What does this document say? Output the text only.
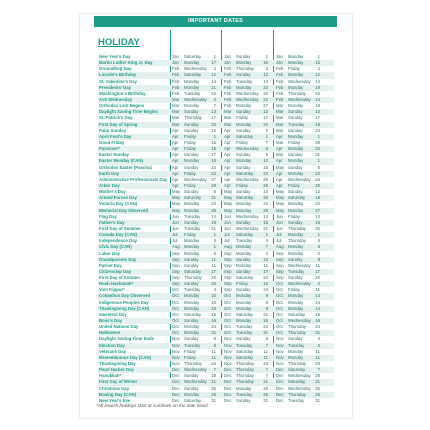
IMPORTANT DATES
HOLIDAY
New Year's Day	Jan	Saturday	1 Jan	Sunday	1 Jan	Monday	1
Martin Luther King Jr. Day	Jan	Monday	17 Jan	Monday	16 Jan	Monday	15
Groundhog Day	Feb	Wednesday	2 Feb	Thursday	2 Feb	Friday	2
Lincoln's Birthday	Feb	Saturday	12 Feb	Sunday	12 Feb	Monday	12
St. Valentine's Day	Feb	Monday	14 Feb	Tuesday	14 Feb	Wednesday	14
Presidents' Day	Feb	Monday	21 Feb	Monday	20 Feb	Monday	19
Washington's Birthday	Feb	Tuesday	22 Feb	Wednesday	22 Feb	Thursday	22
Ash Wednesday	Mar	Wednesday	2 Feb	Wednesday	22 Feb	Wednesday	14
Orthodox Lent Begins	Mar	Monday	7 Feb	Monday	27 Mar	Monday	18
Daylight Saving Time Begins	Mar	Sunday	13 Mar	Sunday	12 Mar	Sunday	10
St. Patrick's Day	Mar	Thursday	17 Mar	Friday	17 Mar	Sunday	17
First Day of Spring	Mar	Sunday	20 Mar	Monday	20 Mar	Tuesday	19
Palm Sunday	Apr	Sunday	10 Apr	Sunday	2 Mar	Sunday	24
April Fool's Day	Apr	Friday	1 Apr	Saturday	1 Apr	Monday	1
Good Friday	Apr	Friday	15 Apr	Friday	7 Mar	Friday	29
Passover*	Apr	Friday	15 Apr	Wednesday	5 Apr	Monday	22
Easter Sunday	Apr	Sunday	17 Apr	Sunday	9 Mar	Sunday	31
Easter Monday (CAN)	Apr	Monday	18 Apr	Monday	10 Apr	Monday	1
Orthodox Easter (Pascha)	Apr	Sunday	24 Apr	Sunday	16 May Sunday	5
Earth Day	Apr	Friday	22 Apr	Saturday	22 Apr	Monday	22
Administrative Professionals Day Apr	Wednesday	27 Apr	Wednesday	26 Apr	Wednesday	24
Arbor Day	Apr	Friday	29 Apr	Friday	28 Apr	Friday	26
Mother's Day	May Sunday	8 May Sunday	14 May Sunday	12
Armed Forces Day	May Saturday	21 May Saturday	20 May Saturday	18
Victoria Day (CAN)	May Monday	23 May Monday	22 May Monday	20
Memorial Day Observed	May Monday	30 May Monday	29 May Monday	27
Flag Day	Jun	Tuesday	14 Jun	Wednesday	14 Jun	Friday	14
Father's Day	Jun	Sunday	19 Jun	Sunday	18 Jun	Sunday	16
First Day of Summer	Jun	Tuesday	21 Jun	Wednesday	21 Jun	Thursday	20
Canada Day (CAN)	Jul	Friday	1 Jul	Saturday	1 Jul	Monday	1
Independence Day	Jul	Monday	4 Jul	Tuesday	4 Jul	Thursday	4
Civic Day (CAN)	Aug	Monday	1 Aug	Monday	7 Aug	Monday	5
Labor Day	Sep	Monday	5 Sep	Monday	4 Sep	Monday	2
Grandparents Day	Sep	Sunday	11 Sep	Sunday	10 Sep	Sunday	8
Patriot Day	Sep	Sunday	11 Sep	Monday	11 Sep	Wednesday	11
Citizenship Day	Sep	Saturday	17 Sep	Sunday	17 Sep	Tuesday	17
First Day of Autumn	Sep	Thursday	22 Sep	Saturday	23 Sep	Sunday	22
Rosh Hashanah*	Sep	Sunday	25 Sep	Friday	15 Oct	Wednesday	2
Yom Kippur*	Oct	Tuesday	4 Sep	Sunday	24 Oct	Friday	11
Columbus Day Observed	Oct	Monday	10 Oct	Monday	9 Oct	Monday	14
Indigenous Peoples Day	Oct	Monday	10 Oct	Monday	9 Oct	Monday	14
Thanksgiving Day (CAN)	Oct	Monday	10 Oct	Monday	9 Oct	Monday	14
Sweetest Day	Oct	Saturday	15 Oct	Saturday	21 Oct	Saturday	19
Boss's Day	Oct	Sunday	16 Oct	Monday	16 Oct	Wednesday	16
United Nations Day	Oct	Monday	24 Oct	Tuesday	24 Oct	Thursday	24
Halloween	Oct	Monday	31 Oct	Tuesday	31 Oct	Thursday	31
Daylight Saving Time Ends	Nov	Sunday	6 Nov	Sunday	5 Nov	Sunday	3
Election Day	Nov	Tuesday	8 Nov	Tuesday	7 Nov	Tuesday	5
Veterans Day	Nov	Friday	11 Nov	Saturday	11 Nov	Monday	11
Remembrance Day (CAN)	Nov	Friday	11 Nov	Saturday	11 Nov	Monday	11
Thanksgiving Day	Nov	Thursday	24 Nov	Thursday	23 Nov	Thursday	28
Pearl Harbor Day	Dec	Wednesday	7 Dec	Thursday	7 Dec	Saturday	7
Hanukkah*	Dec	Sunday	18 Dec	Thursday	7 Dec	Wednesday	25
First Day of Winter	Dec	Wednesday	21 Dec	Thursday	21 Dec	Saturday	21
Christmas Day	Dec	Sunday	25 Dec	Monday	25 Dec	Wednesday	25
Boxing Day (CAN)	Dec	Monday	26 Dec	Tuesday	26 Dec	Thursday	26
New Year's Eve	Dec	Saturday	31 Dec	Sunday	31 Dec	Tuesday	31
*All Jewish holidays start at sundown on the date listed
